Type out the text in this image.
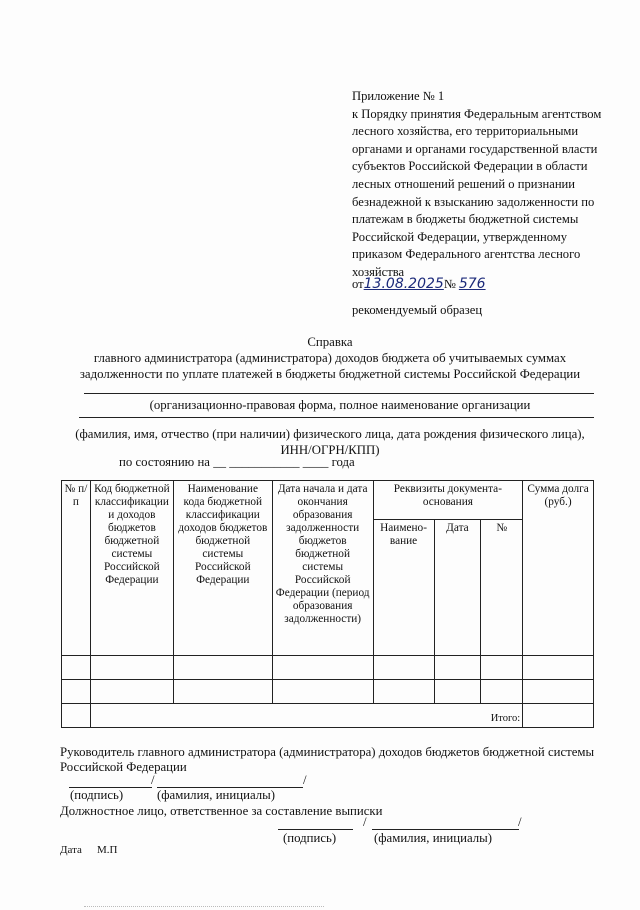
Приложение № 1
к Порядку принятия Федеральным агентством
лесного хозяйства, его территориальными
органами и органами государственной власти
субъектов Российской Федерации в области
лесных отношений решений о признании
безнадежной к взысканию задолженности по
платежам в бюджеты бюджетной системы
Российской Федерации, утвержденному
приказом Федерального агентства лесного
хозяйства
от13.08.2025№ 576
рекомендуемый образец
Справка
главного администратора (администратора) доходов бюджета об учитываемых суммах
задолженности по уплате платежей в бюджеты бюджетной системы Российской Федерации
(организационно-правовая форма, полное наименование организации
(фамилия, имя, отчество (при наличии) физического лица, дата рождения физического лица),
ИНН/ОГРН/КПП)
по состоянию на __ ___________ ____ года
№ п/п	Код бюджетной классификации и доходов бюджетов бюджетной системы Российской Федерации	Наименование кода бюджетной классификации доходов бюджетов бюджетной системы Российской Федерации	Дата начала и дата окончания образования задолженности бюджетов бюджетной системы Российской Федерации (период образования задолженности)	Реквизиты документа-основания			Сумма долга (руб.)
				Наимено-вание	Дата	№	

	Итого:						
Руководитель главного администратора (администратора) доходов бюджетов бюджетной системы
Российской Федерации
/	/
(подпись)	(фамилия, инициалы)
Должностное лицо, ответственное за составление выписки
/	/
(подпись)	(фамилия, инициалы)
Дата М.П
